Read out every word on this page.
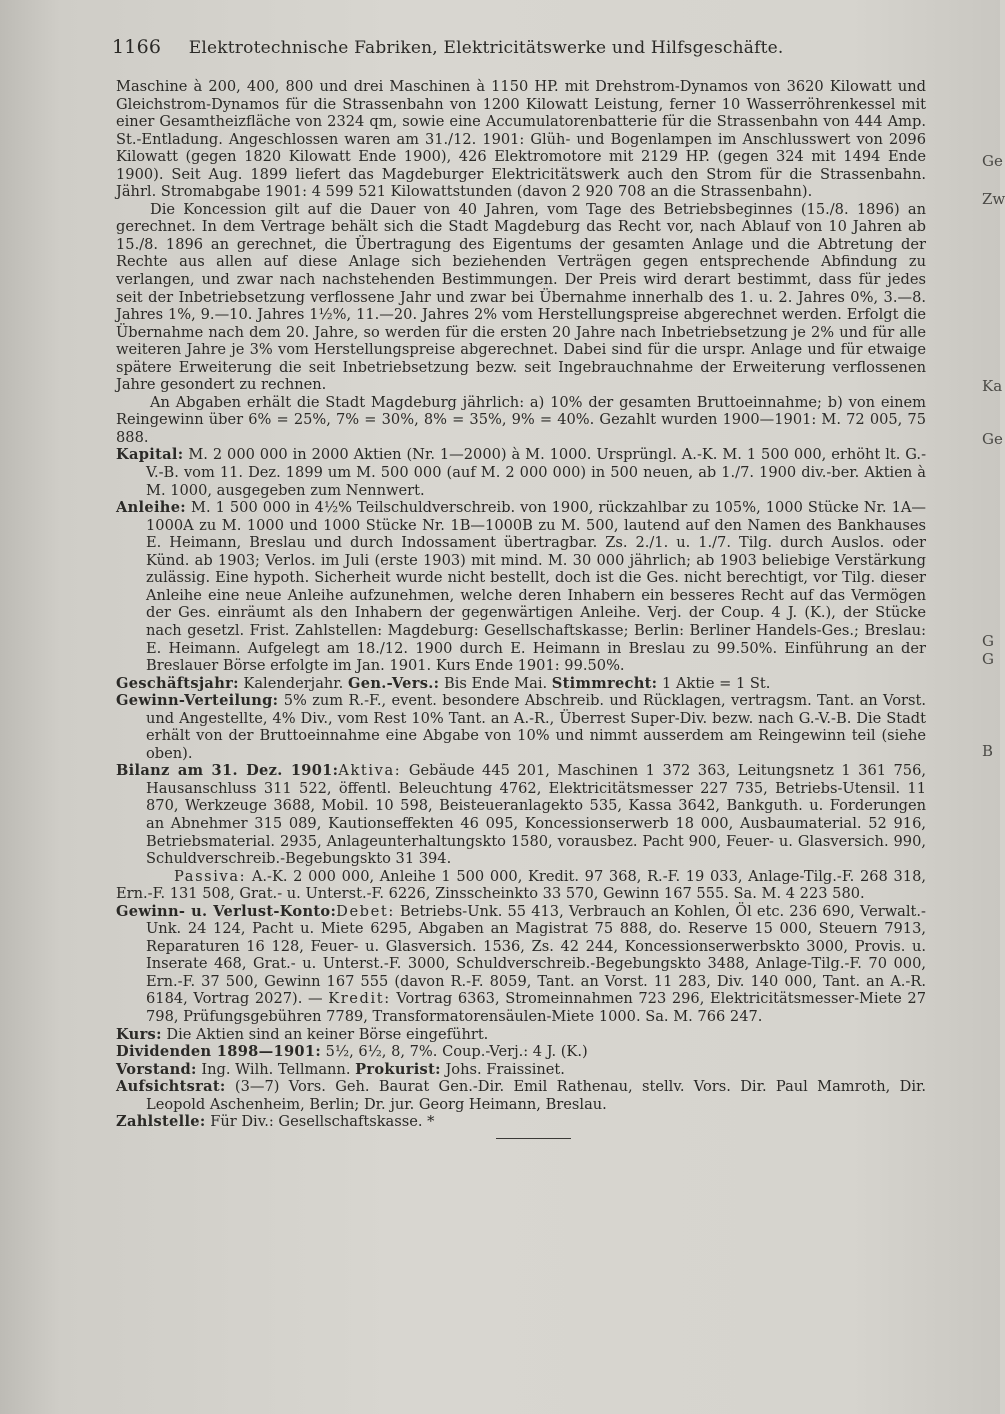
1166 Elektrotechnische Fabriken, Elektricitätswerke und Hilfsgeschäfte.

Maschine à 200, 400, 800 und drei Maschinen à 1150 HP. mit Drehstrom-Dynamos von 3620 Kilowatt und Gleichstrom-Dynamos für die Strassenbahn von 1200 Kilowatt Leistung, ferner 10 Wasserröhrenkessel mit einer Gesamtheizfläche von 2324 qm, sowie eine Accumulatorenbatterie für die Strassenbahn von 444 Amp. St.-Entladung. Angeschlossen waren am 31./12. 1901: Glüh- und Bogenlampen im Anschlusswert von 2096 Kilowatt (gegen 1820 Kilowatt Ende 1900), 426 Elektromotore mit 2129 HP. (gegen 324 mit 1494 Ende 1900). Seit Aug. 1899 liefert das Magdeburger Elektricitätswerk auch den Strom für die Strassenbahn. Jährl. Stromabgabe 1901: 4 599 521 Kilowattstunden (davon 2 920 708 an die Strassenbahn).

Die Koncession gilt auf die Dauer von 40 Jahren, vom Tage des Betriebsbeginnes (15./8. 1896) an gerechnet. In dem Vertrage behält sich die Stadt Magdeburg das Recht vor, nach Ablauf von 10 Jahren ab 15./8. 1896 an gerechnet, die Übertragung des Eigentums der gesamten Anlage und die Abtretung der Rechte aus allen auf diese Anlage sich beziehenden Verträgen gegen entsprechende Abfindung zu verlangen, und zwar nach nachstehenden Bestimmungen. Der Preis wird derart bestimmt, dass für jedes seit der Inbetriebsetzung verflossene Jahr und zwar bei Übernahme innerhalb des 1. u. 2. Jahres 0%, 3.—8. Jahres 1%, 9.—10. Jahres 1½%, 11.—20. Jahres 2% vom Herstellungspreise abgerechnet werden. Erfolgt die Übernahme nach dem 20. Jahre, so werden für die ersten 20 Jahre nach Inbetriebsetzung je 2% und für alle weiteren Jahre je 3% vom Herstellungspreise abgerechnet. Dabei sind für die urspr. Anlage und für etwaige spätere Erweiterung die seit Inbetriebsetzung bezw. seit Ingebrauchnahme der Erweiterung verflossenen Jahre gesondert zu rechnen.

An Abgaben erhält die Stadt Magdeburg jährlich: a) 10% der gesamten Bruttoeinnahme; b) von einem Reingewinn über 6% = 25%, 7% = 30%, 8% = 35%, 9% = 40%. Gezahlt wurden 1900—1901: M. 72 005, 75 888.

Kapital: M. 2 000 000 in 2000 Aktien (Nr. 1—2000) à M. 1000. Ursprüngl. A.-K. M. 1 500 000, erhöht lt. G.-V.-B. vom 11. Dez. 1899 um M. 500 000 (auf M. 2 000 000) in 500 neuen, ab 1./7. 1900 div.-ber. Aktien à M. 1000, ausgegeben zum Nennwert.

Anleihe: M. 1 500 000 in 4½% Teilschuldverschreib. von 1900, rückzahlbar zu 105%, 1000 Stücke Nr. 1A—1000A zu M. 1000 und 1000 Stücke Nr. 1B—1000B zu M. 500, lautend auf den Namen des Bankhauses E. Heimann, Breslau und durch Indossament übertragbar. Zs. 2./1. u. 1./7. Tilg. durch Auslos. oder Künd. ab 1903; Verlos. im Juli (erste 1903) mit mind. M. 30 000 jährlich; ab 1903 beliebige Verstärkung zulässig. Eine hypoth. Sicherheit wurde nicht bestellt, doch ist die Ges. nicht berechtigt, vor Tilg. dieser Anleihe eine neue Anleihe aufzunehmen, welche deren Inhabern ein besseres Recht auf das Vermögen der Ges. einräumt als den Inhabern der gegenwärtigen Anleihe. Verj. der Coup. 4 J. (K.), der Stücke nach gesetzl. Frist. Zahlstellen: Magdeburg: Gesellschaftskasse; Berlin: Berliner Handels-Ges.; Breslau: E. Heimann. Aufgelegt am 18./12. 1900 durch E. Heimann in Breslau zu 99.50%. Einführung an der Breslauer Börse erfolgte im Jan. 1901. Kurs Ende 1901: 99.50%.

Geschäftsjahr: Kalenderjahr. Gen.-Vers.: Bis Ende Mai. Stimmrecht: 1 Aktie = 1 St.

Gewinn-Verteilung: 5% zum R.-F., event. besondere Abschreib. und Rücklagen, vertragsm. Tant. an Vorst. und Angestellte, 4% Div., vom Rest 10% Tant. an A.-R., Überrest Super-Div. bezw. nach G.-V.-B. Die Stadt erhält von der Bruttoeinnahme eine Abgabe von 10% und nimmt ausserdem am Reingewinn teil (siehe oben).

Bilanz am 31. Dez. 1901:Aktiva: Gebäude 445 201, Maschinen 1 372 363, Leitungsnetz 1 361 756, Hausanschluss 311 522, öffentl. Beleuchtung 4762, Elektricitätsmesser 227 735, Betriebs-Utensil. 11 870, Werkzeuge 3688, Mobil. 10 598, Beisteueranlagekto 535, Kassa 3642, Bankguth. u. Forderungen an Abnehmer 315 089, Kautionseffekten 46 095, Koncessionserwerb 18 000, Ausbaumaterial. 52 916, Betriebsmaterial. 2935, Anlageunterhaltungskto 1580, vorausbez. Pacht 900, Feuer- u. Glasversich. 990, Schuldverschreib.-Begebungskto 31 394.

Passiva: A.-K. 2 000 000, Anleihe 1 500 000, Kredit. 97 368, R.-F. 19 033, Anlage-Tilg.-F. 268 318, Ern.-F. 131 508, Grat.- u. Unterst.-F. 6226, Zinsscheinkto 33 570, Gewinn 167 555. Sa. M. 4 223 580.

Gewinn- u. Verlust-Konto:Debet: Betriebs-Unk. 55 413, Verbrauch an Kohlen, Öl etc. 236 690, Verwalt.-Unk. 24 124, Pacht u. Miete 6295, Abgaben an Magistrat 75 888, do. Reserve 15 000, Steuern 7913, Reparaturen 16 128, Feuer- u. Glasversich. 1536, Zs. 42 244, Koncessionserwerbskto 3000, Provis. u. Inserate 468, Grat.- u. Unterst.-F. 3000, Schuldverschreib.-Begebungskto 3488, Anlage-Tilg.-F. 70 000, Ern.-F. 37 500, Gewinn 167 555 (davon R.-F. 8059, Tant. an Vorst. 11 283, Div. 140 000, Tant. an A.-R. 6184, Vortrag 2027). — Kredit: Vortrag 6363, Stromeinnahmen 723 296, Elektricitätsmesser-Miete 27 798, Prüfungsgebühren 7789, Transformatorensäulen-Miete 1000. Sa. M. 766 247.

Kurs: Die Aktien sind an keiner Börse eingeführt.

Dividenden 1898—1901: 5½, 6½, 8, 7%. Coup.-Verj.: 4 J. (K.)

Vorstand: Ing. Wilh. Tellmann. Prokurist: Johs. Fraissinet.

Aufsichtsrat: (3—7) Vors. Geh. Baurat Gen.-Dir. Emil Rathenau, stellv. Vors. Dir. Paul Mamroth, Dir. Leopold Aschenheim, Berlin; Dr. jur. Georg Heimann, Breslau.

Zahlstelle: Für Div.: Gesellschaftskasse. *

Ge
Zw
Ka
Ge
G
G
B
